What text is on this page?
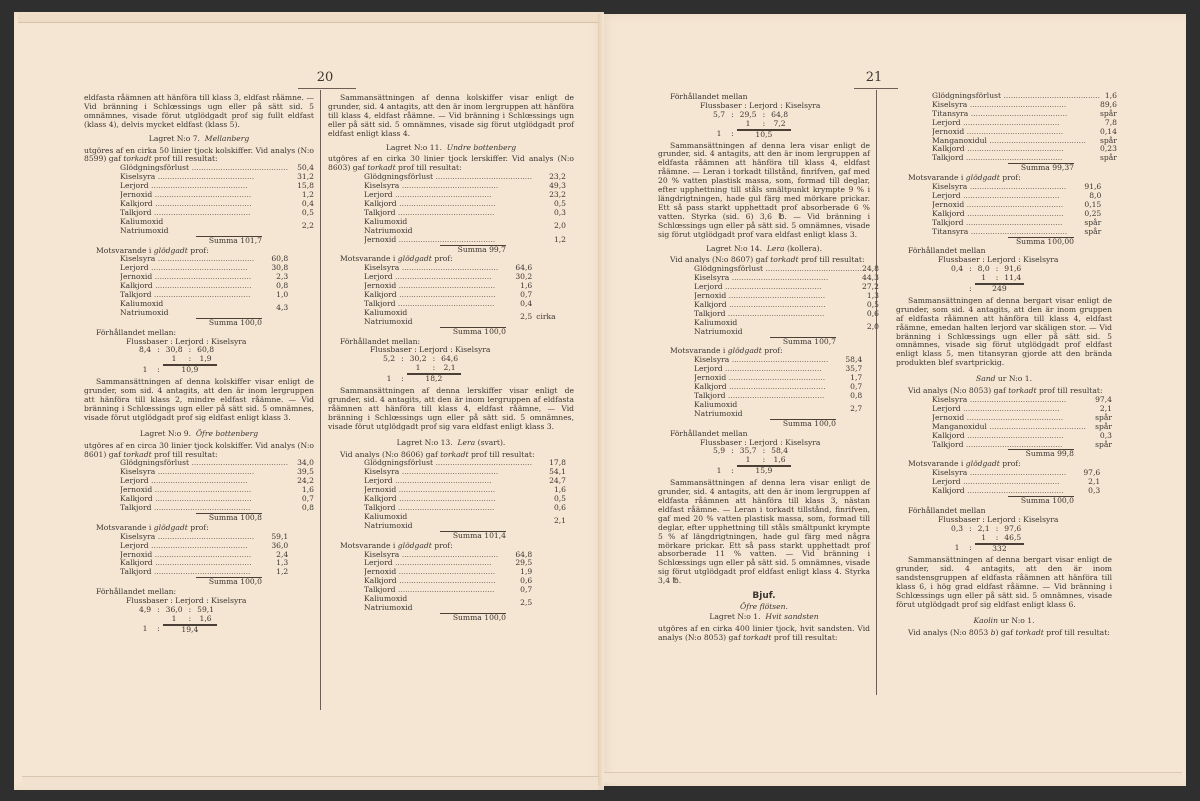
20	21

eldfasta råämnen att hänföra till klass 3, eldfast råämne. — Vid bränning i Schlœssings ugn eller på sätt sid. 5 omnämnes, visade förut utglödgadt prof sig fullt eldfast (klass 4), delvis mycket eldfast (klass 5).

Lagret N:o 7. Mellanberg

utgöres af en cirka 50 linier tjock kolskiffer. Vid analys (N:o 8599) gaf torkadt prof till resultat:

Glödgningsförlust ........................................	50,4
Kiselsyra ........................................	31,2
Lerjord ........................................	15,8
Jernoxid ........................................	1,2
Kalkjord ........................................	0,4
Talkjord ........................................	0,5
Kaliumoxid
Natriumoxid	2,2
Summa 101,7
Motsvarande i glödgadt prof:
Kiselsyra ........................................	60,8
Lerjord ........................................	30,8
Jernoxid ........................................	2,3
Kalkjord ........................................	0,8
Talkjord ........................................	1,0
Kaliumoxid
Natriumoxid	4,3
Summa 100,0
Förhållandet mellan:
Flussbaser : Lerjord : Kiselsyra
8,4	:	30,8	:	60,8
		1	:	1,9
1	:	10,9		

Sammansättningen af denna kolskiffer visar enligt de grunder, som sid. 4 antagits, att den är inom lergruppen att hänföra till klass 2, mindre eldfast råämne. — Vid bränning i Schlœssings ugn eller på sätt sid. 5 omnämnes, visade förut utglödgadt prof sig eldfast enligt klass 3.

Lagret N:o 9. Öfre bottenberg

utgöres af en circa 30 linier tjock kolskiffer. Vid analys (N:o 8601) gaf torkadt prof till resultat:

Glödgningsförlust ........................................	34,0
Kiselsyra ........................................	39,5
Lerjord ........................................	24,2
Jernoxid ........................................	1,6
Kalkjord ........................................	0,7
Talkjord ........................................	0,8
Summa 100,8
Motsvarande i glödgadt prof:
Kiselsyra ........................................	59,1
Lerjord ........................................	36,0
Jernoxid ........................................	2,4
Kalkjord ........................................	1,3
Talkjord ........................................	1,2
Summa 100,0
Förhållandet mellan:
Flussbaser : Lerjord : Kiselsyra
4,9	:	36,0	:	59,1
		1	:	1,6
1	:	19,4		

Sammansättningen af denna kolskiffer visar enligt de grunder, sid. 4 antagits, att den är inom lergruppen att hänföra till klass 4, eldfast råämne. — Vid bränning i Schlœssings ugn eller på sätt sid. 5 omnämnes, visade sig förut utglödgadt prof eldfast enligt klass 4.

Lagret N:o 11. Undre bottenberg

utgöres af en cirka 30 linier tjock lerskiffer. Vid analys (N:o 8603) gaf torkadt prof till resultat:

Glödgningsförlust ........................................	23,2
Kiselsyra ........................................	49,3
Lerjord ........................................	23,2
Kalkjord ........................................	0,5
Talkjord ........................................	0,3
Kaliumoxid
Natriumoxid	2,0
Jernoxid ........................................	1,2
Summa 99,7
Motsvarande i glödgadt prof:
Kiselsyra ........................................	64,6	
Lerjord ........................................	30,2	
Jernoxid ........................................	1,6	
Kalkjord ........................................	0,7	
Talkjord ........................................	0,4	
Kaliumoxid
Natriumoxid	2,5	cirka
Summa 100,0
Förhållandet mellan:
Flussbaser : Lerjord : Kiselsyra
5,2	:	30,2	:	64,6
		1	:	2,1
1	:	18,2		

Sammansättningen af denna lerskiffer visar enligt de grunder, sid. 4 antagits, att den är inom lergruppen af eldfasta råämnen att hänföra till klass 4, eldfast råämne, — Vid bränning i Schlœssings ugn eller på sätt sid. 5 omnämnes, visade förut utglödgadt prof sig vara eldfast enligt klass 3.

Lagret N:o 13. Lera (svart).

Vid analys (N:o 8606) gaf torkadt prof till resultat:

Glödgningsförlust ........................................	17,8
Kiselsyra ........................................	54,1
Lerjord ........................................	24,7
Jernoxid ........................................	1,6
Kalkjord ........................................	0,5
Talkjord ........................................	0,6
Kaliumoxid
Natriumoxid	2,1
Summa 101,4
Motsvarande i glödgadt prof:
Kiselsyra ........................................	64,8
Lerjord ........................................	29,5
Jernoxid ........................................	1,9
Kalkjord ........................................	0,6
Talkjord ........................................	0,7
Kaliumoxid
Natriumoxid	2,5
Summa 100,0
Förhållandet mellan
Flussbaser : Lerjord : Kiselsyra
5,7	:	29,5	:	64,8
		1	:	7,2
1	:	10,5		

Sammansättningen af denna lera visar enligt de grunder, sid. 4 antagits, att den är inom lergruppen af eldfasta råämnen att hänföra till klass 4, eldfast råämne. — Leran i torkadt tillstånd, finrifven, gaf med 20 % vatten plastisk massa, som, formad till deglar, efter upphettning till ståls smältpunkt krympte 9 % i längdrigtningen, hade gul färg med mörkare prickar. Ett så pass starkt upphettadt prof absorberade 6 % vatten. Styrka (sid. 6) 3,6 ℔. — Vid bränning i Schlœssings ugn eller på sätt sid. 5 omnämnes, visade sig förut utglödgadt prof vara eldfast enligt klass 3.

Lagret N:o 14. Lera (kollera).

Vid analys (N:o 8607) gaf torkadt prof till resultat:

Glödgningsförlust ........................................	24,8
Kiselsyra ........................................	44,3
Lerjord ........................................	27,2
Jernoxid ........................................	1,3
Kalkjord ........................................	0,5
Talkjord ........................................	0,6
Kaliumoxid
Natriumoxid	2,0
Summa 100,7
Motsvarande i glödgadt prof:
Kiselsyra ........................................	58,4
Lerjord ........................................	35,7
Jernoxid ........................................	1,7
Kalkjord ........................................	0,7
Talkjord ........................................	0,8
Kaliumoxid
Natriumoxid	2,7
Summa 100,0
Förhållandet mellan
Flussbaser : Lerjord : Kiselsyra
5,9	:	35,7	:	58,4
		1	:	1,6
1	:	15,9		

Sammansättningen af denna lera visar enligt de grunder, sid. 4 antagits, att den är inom lergruppen af eldfasta råämnen att hänföra till klass 3, nästan eldfast råämne. — Leran i torkadt tillstånd, finrifven, gaf med 20 % vatten plastisk massa, som, formad till deglar, efter upphettning till ståls smältpunkt krympte 5 % af längdrigtningen, hade gul färg med några mörkare prickar. Ett så pass starkt upphettadt prof absorberade 11 % vatten. — Vid bränning i Schlœssings ugn eller på sätt sid. 5 omnämnes, visade sig förut utglödgadt prof eldfast enligt klass 4. Styrka 3,4 ℔.

Bjuf.
Öfre flötsen.
Lagret N:o 1. Hvit sandsten

utgöres af en cirka 400 linier tjock, hvit sandsten. Vid analys (N:o 8053) gaf torkadt prof till resultat:

Glödgningsförlust ........................................	1,6
Kiselsyra ........................................	89,6
Titansyra ........................................	spår
Lerjord ........................................	7,8
Jernoxid ........................................	0,14
Manganoxidul ........................................	spår
Kalkjord ........................................	0,23
Talkjord ........................................	spår
Summa 99,37
Motsvarande i glödgadt prof:
Kiselsyra ........................................	91,6
Lerjord ........................................	8,0
Jernoxid ........................................	0,15
Kalkjord ........................................	0,25
Talkjord ........................................	spår
Titansyra ........................................	spår
Summa 100,00
Förhållandet mellan
Flussbaser : Lerjord : Kiselsyra
0,4	:	8,0	:	91,6
		1	:	11,4
	:	249		

Sammansättningen af denna bergart visar enligt de grunder, som sid. 4 antagits, att den är inom gruppen af eldfasta råämnen att hänföra till klass 4, eldfast råämne, emedan halten lerjord var skäligen stor. — Vid bränning i Schlœssings ugn eller på sätt sid. 5 omnämnes, visade sig förut utglödgadt prof eldfast enligt klass 5, men titansyran gjorde att den brända produkten blef svartprickig.

Sand ur N:o 1.

Vid analys (N:o 8053) gaf torkadt prof till resultat:

Kiselsyra ........................................	97,4
Lerjord ........................................	2,1
Jernoxid ........................................	spår
Manganoxidul ........................................	spår
Kalkjord ........................................	0,3
Talkjord ........................................	spår
Summa 99,8
Motsvarande i glödgadt prof:
Kiselsyra ........................................	97,6
Lerjord ........................................	2,1
Kalkjord ........................................	0,3
Summa 100,0
Förhållandet mellan
Flussbaser : Lerjord : Kiselsyra
0,3	:	2,1	:	97,6
		1	:	46,5
1	:	332		

Sammansättningen af denna bergart visar enligt de grunder, sid. 4 antagits, att den är inom sandstensgruppen af eldfasta råämnen att hänföra till klass 6, i hög grad eldfast råämne. — Vid bränning i Schlœssings ugn eller på sätt sid. 5 omnämnes, visade förut utglödgadt prof sig eldfast enligt klass 6.

Kaolin ur N:o 1.

Vid analys (N:o 8053 b) gaf torkadt prof till resultat:
